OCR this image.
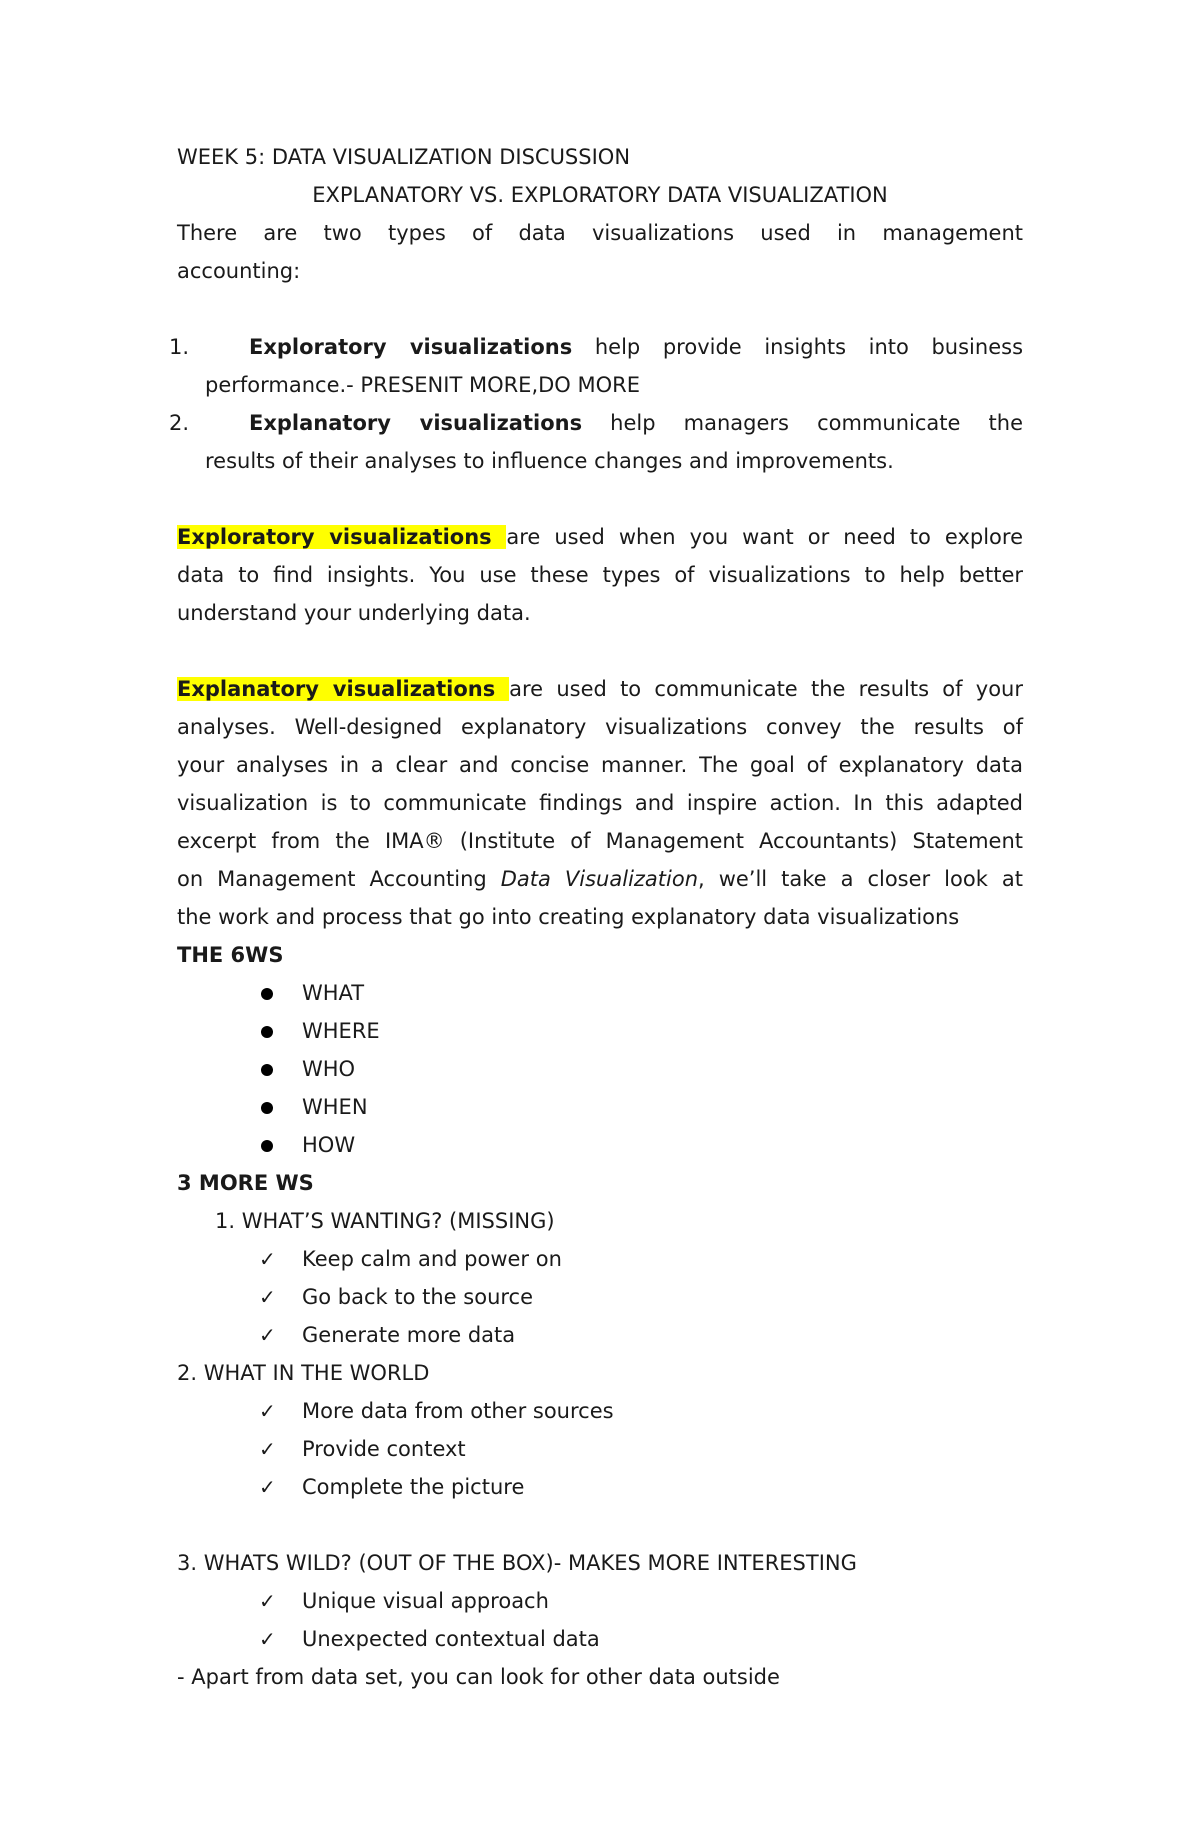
WEEK 5: DATA VISUALIZATION DISCUSSION

EXPLANATORY VS. EXPLORATORY DATA VISUALIZATION

There are two types of data visualizations used in management

accounting:

1.	Exploratory visualizations help provide insights into business

performance.- PRESENIT MORE,DO MORE

2.	Explanatory visualizations help managers communicate the

results of their analyses to influence changes and improvements.

Exploratory visualizations are used when you want or need to explore

data to find insights. You use these types of visualizations to help better

understand your underlying data.

Explanatory visualizations are used to communicate the results of your

analyses. Well-designed explanatory visualizations convey the results of

your analyses in a clear and concise manner. The goal of explanatory data

visualization is to communicate findings and inspire action. In this adapted

excerpt from the IMA® (Institute of Management Accountants) Statement

on Management Accounting Data Visualization, we’ll take a closer look at

the work and process that go into creating explanatory data visualizations

THE 6WS

WHAT
WHERE
WHO
WHEN
HOW

3 MORE WS

1. WHAT’S WANTING? (MISSING)

✓ Keep calm and power on
✓ Go back to the source
✓ Generate more data

2. WHAT IN THE WORLD

✓ More data from other sources
✓ Provide context
✓ Complete the picture

3. WHATS WILD? (OUT OF THE BOX)- MAKES MORE INTERESTING

✓ Unique visual approach
✓ Unexpected contextual data

- Apart from data set, you can look for other data outside
